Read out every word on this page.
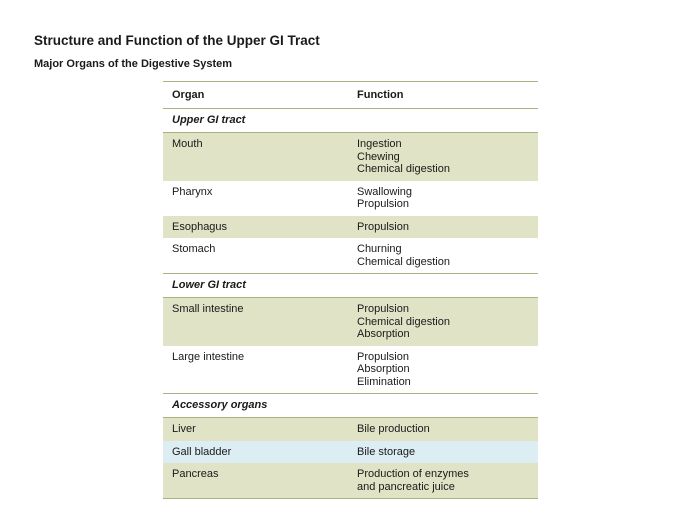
Structure and Function of the Upper GI Tract
Major Organs of the Digestive System
Organ	Function
Upper GI tract	
Mouth	Ingestion
Chewing
Chemical digestion

Pharynx	Swallowing
Propulsion

Esophagus	Propulsion

Stomach	Churning
Chemical digestion

Lower GI tract	
Small intestine	Propulsion
Chemical digestion
Absorption

Large intestine	Propulsion
Absorption
Elimination

Accessory organs	
Liver	Bile production

Gall bladder	Bile storage

Pancreas	Production of enzymes
and pancreatic juice
